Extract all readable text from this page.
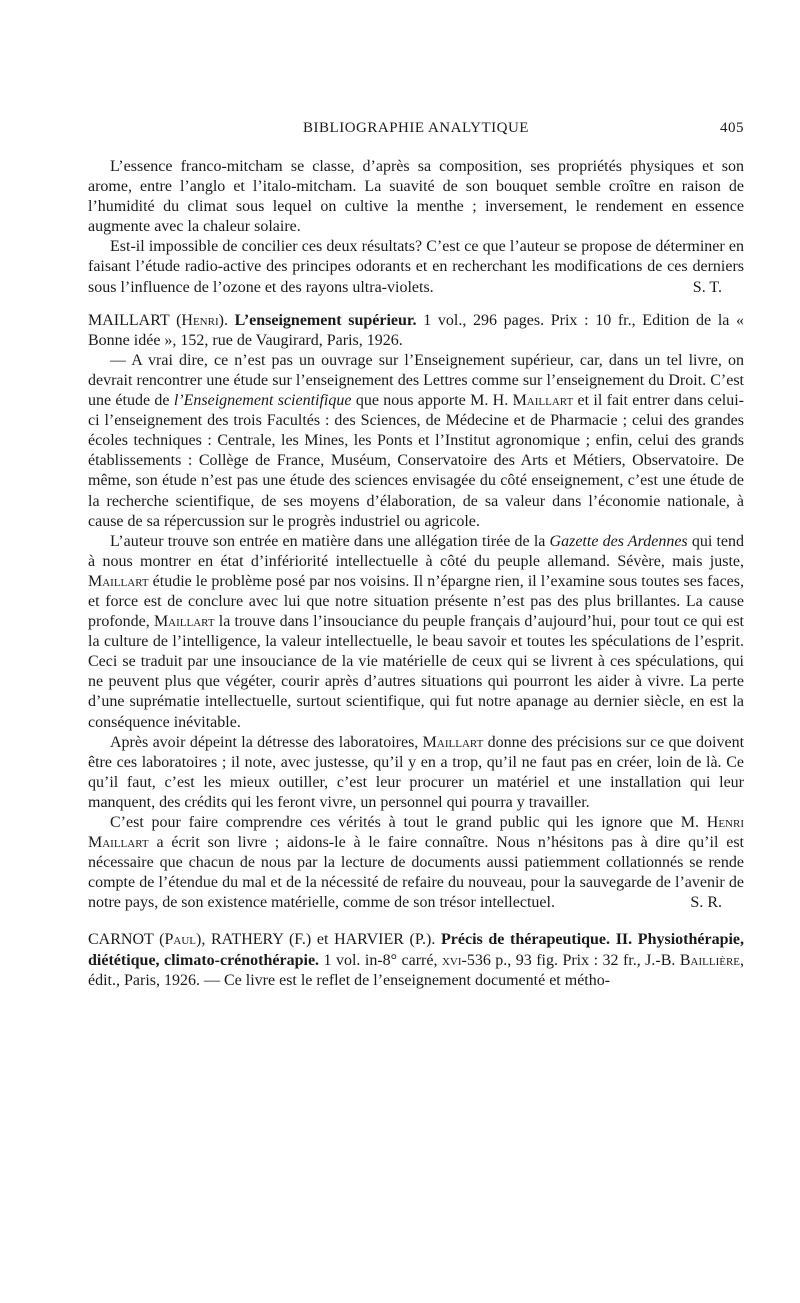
BIBLIOGRAPHIE ANALYTIQUE	405

L’essence franco-mitcham se classe, d’après sa composition, ses propriétés physiques et son arome, entre l’anglo et l’italo-mitcham. La suavité de son bouquet semble croître en raison de l’humidité du climat sous lequel on cultive la menthe ; inversement, le rendement en essence augmente avec la chaleur solaire.

Est-il impossible de concilier ces deux résultats? C’est ce que l’auteur se propose de déterminer en faisant l’étude radio-active des principes odorants et en recherchant les modifications de ces derniers sous l’influence de l’ozone et des rayons ultra-violets.	S. T.

MAILLART (Henri). L’enseignement supérieur. 1 vol., 296 pages. Prix : 10 fr., Edition de la « Bonne idée », 152, rue de Vaugirard, Paris, 1926.

— A vrai dire, ce n’est pas un ouvrage sur l’Enseignement supérieur, car, dans un tel livre, on devrait rencontrer une étude sur l’enseignement des Lettres comme sur l’enseignement du Droit. C’est une étude de l’Enseignement scientifique que nous apporte M. H. Maillart et il fait entrer dans celui-ci l’enseignement des trois Facultés : des Sciences, de Médecine et de Pharmacie ; celui des grandes écoles techniques : Centrale, les Mines, les Ponts et l’Institut agronomique ; enfin, celui des grands établissements : Collège de France, Muséum, Conservatoire des Arts et Métiers, Observatoire. De même, son étude n’est pas une étude des sciences envisagée du côté enseignement, c’est une étude de la recherche scientifique, de ses moyens d’élaboration, de sa valeur dans l’économie nationale, à cause de sa répercussion sur le progrès industriel ou agricole.

L’auteur trouve son entrée en matière dans une allégation tirée de la Gazette des Ardennes qui tend à nous montrer en état d’infériorité intellectuelle à côté du peuple allemand. Sévère, mais juste, Maillart étudie le problème posé par nos voisins. Il n’épargne rien, il l’examine sous toutes ses faces, et force est de conclure avec lui que notre situation présente n’est pas des plus brillantes. La cause profonde, Maillart la trouve dans l’insouciance du peuple français d’aujourd’hui, pour tout ce qui est la culture de l’intelligence, la valeur intellectuelle, le beau savoir et toutes les spéculations de l’esprit. Ceci se traduit par une insouciance de la vie matérielle de ceux qui se livrent à ces spéculations, qui ne peuvent plus que végéter, courir après d’autres situations qui pourront les aider à vivre. La perte d’une suprématie intellectuelle, surtout scientifique, qui fut notre apanage au dernier siècle, en est la conséquence inévitable.

Après avoir dépeint la détresse des laboratoires, Maillart donne des précisions sur ce que doivent être ces laboratoires ; il note, avec justesse, qu’il y en a trop, qu’il ne faut pas en créer, loin de là. Ce qu’il faut, c’est les mieux outiller, c’est leur procurer un matériel et une installation qui leur manquent, des crédits qui les feront vivre, un personnel qui pourra y travailler.

C’est pour faire comprendre ces vérités à tout le grand public qui les ignore que M. Henri Maillart a écrit son livre ; aidons-le à le faire connaître. Nous n’hésitons pas à dire qu’il est nécessaire que chacun de nous par la lecture de documents aussi patiemment collationnés se rende compte de l’étendue du mal et de la nécessité de refaire du nouveau, pour la sauvegarde de l’avenir de notre pays, de son existence matérielle, comme de son trésor intellectuel.	S. R.

CARNOT (Paul), RATHERY (F.) et HARVIER (P.). Précis de thérapeutique. II. Physiothérapie, diététique, climato-crénothérapie. 1 vol. in-8° carré, xvi-536 p., 93 fig. Prix : 32 fr., J.-B. Baillière, édit., Paris, 1926. — Ce livre est le reflet de l’enseignement documenté et métho-
